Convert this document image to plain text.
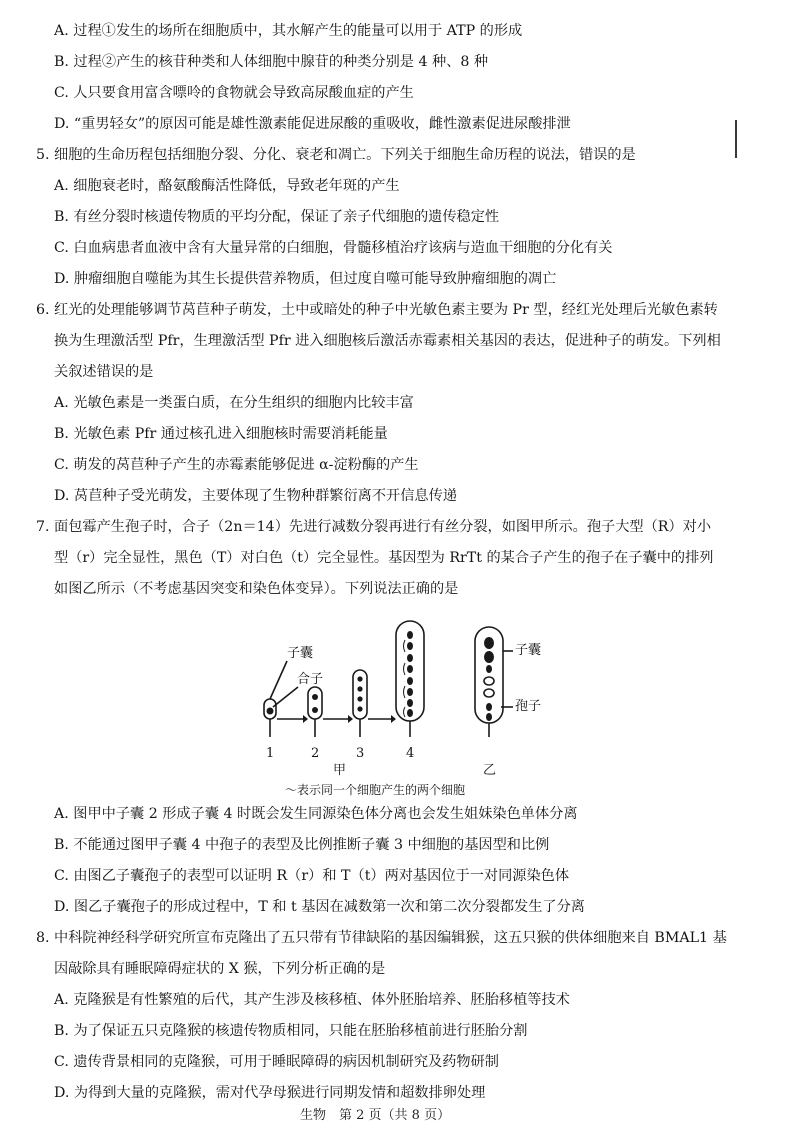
A. 过程①发生的场所在细胞质中，其水解产生的能量可以用于 ATP 的形成
B. 过程②产生的核苷种类和人体细胞中腺苷的种类分别是 4 种、8 种
C. 人只要食用富含嘌呤的食物就会导致高尿酸血症的产生
D. “重男轻女”的原因可能是雄性激素能促进尿酸的重吸收，雌性激素促进尿酸排泄
5. 细胞的生命历程包括细胞分裂、分化、衰老和凋亡。下列关于细胞生命历程的说法，错误的是
A. 细胞衰老时，酪氨酸酶活性降低，导致老年斑的产生
B. 有丝分裂时核遗传物质的平均分配，保证了亲子代细胞的遗传稳定性
C. 白血病患者血液中含有大量异常的白细胞，骨髓移植治疗该病与造血干细胞的分化有关
D. 肿瘤细胞自噬能为其生长提供营养物质，但过度自噬可能导致肿瘤细胞的凋亡
6. 红光的处理能够调节莴苣种子萌发，土中或暗处的种子中光敏色素主要为 Pr 型，经红光处理后光敏色素转
换为生理激活型 Pfr，生理激活型 Pfr 进入细胞核后激活赤霉素相关基因的表达，促进种子的萌发。下列相
关叙述错误的是
A. 光敏色素是一类蛋白质，在分生组织的细胞内比较丰富
B. 光敏色素 Pfr 通过核孔进入细胞核时需要消耗能量
C. 萌发的莴苣种子产生的赤霉素能够促进 α-淀粉酶的产生
D. 莴苣种子受光萌发，主要体现了生物种群繁衍离不开信息传递
7. 面包霉产生孢子时，合子（2n＝14）先进行减数分裂再进行有丝分裂，如图甲所示。孢子大型（R）对小
型（r）完全显性，黑色（T）对白色（t）完全显性。基因型为 RrTt 的某合子产生的孢子在子囊中的排列
如图乙所示（不考虑基因突变和染色体变异）。下列说法正确的是
子囊
合子
子囊
孢子
1	2	3	4
甲	乙
〜表示同一个细胞产生的两个细胞
A. 图甲中子囊 2 形成子囊 4 时既会发生同源染色体分离也会发生姐妹染色单体分离
B. 不能通过图甲子囊 4 中孢子的表型及比例推断子囊 3 中细胞的基因型和比例
C. 由图乙子囊孢子的表型可以证明 R（r）和 T（t）两对基因位于一对同源染色体
D. 图乙子囊孢子的形成过程中，T 和 t 基因在减数第一次和第二次分裂都发生了分离
8. 中科院神经科学研究所宣布克隆出了五只带有节律缺陷的基因编辑猴，这五只猴的供体细胞来自 BMAL1 基
因敲除具有睡眠障碍症状的 X 猴，下列分析正确的是
A. 克隆猴是有性繁殖的后代，其产生涉及核移植、体外胚胎培养、胚胎移植等技术
B. 为了保证五只克隆猴的核遗传物质相同，只能在胚胎移植前进行胚胎分割
C. 遗传背景相同的克隆猴，可用于睡眠障碍的病因机制研究及药物研制
D. 为得到大量的克隆猴，需对代孕母猴进行同期发情和超数排卵处理
生物　第 2 页（共 8 页）
